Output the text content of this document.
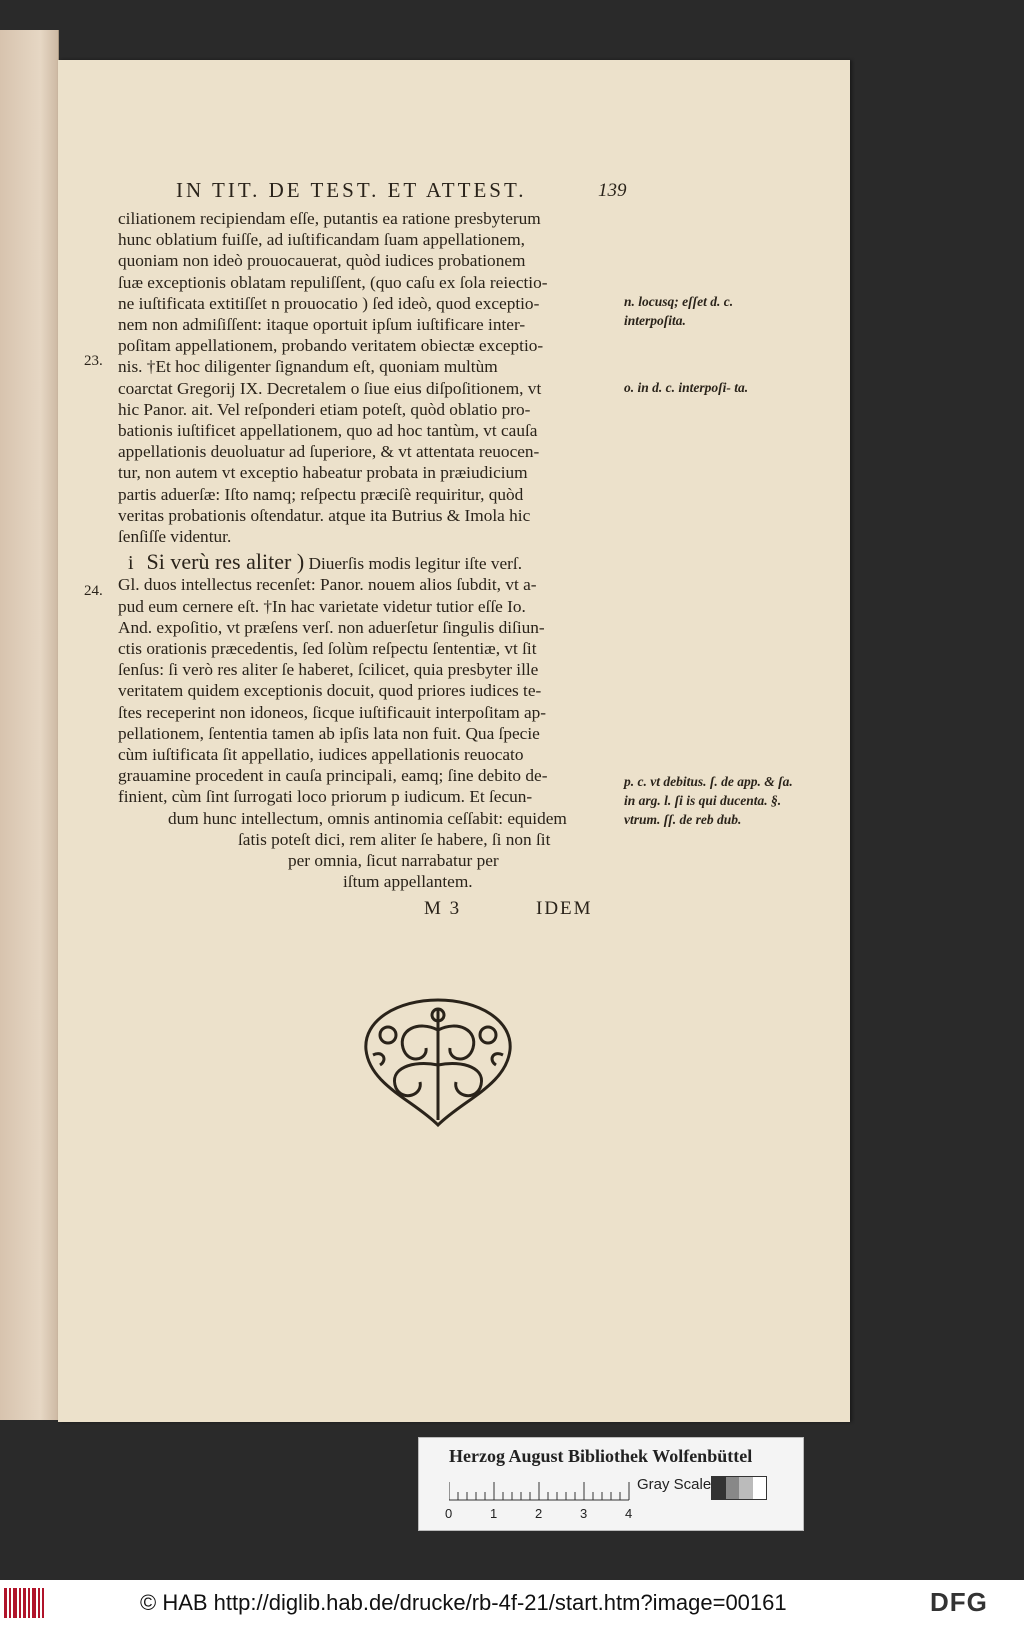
IN TIT. DE TEST. ET ATTEST.	139
ciliationem recipiendam eſſe, putantis ea ratione presbyterum
hunc oblatium fuiſſe, ad iuſtificandam ſuam appellationem,
quoniam non ideò prouocauerat, quòd iudices probationem
ſuæ exceptionis oblatam repuliſſent, (quo caſu ex ſola reiectio-
ne iuſtificata extitiſſet n prouocatio ) ſed ideò, quod exceptio-
nem non admiſiſſent: itaque oportuit ipſum iuſtificare inter-
poſitam appellationem, probando veritatem obiectæ exceptio-
nis. †Et hoc diligenter ſignandum eſt, quoniam multùm
coarctat Gregorij IX. Decretalem o ſiue eius diſpoſitionem, vt
hic Panor. ait. Vel reſponderi etiam poteſt, quòd oblatio pro-
bationis iuſtificet appellationem, quo ad hoc tantùm, vt cauſa
appellationis deuoluatur ad ſuperiore, & vt attentata reuocen-
tur, non autem vt exceptio habeatur probata in præiudicium
partis aduerſæ: Iſto namq; reſpectu præciſè requiritur, quòd
veritas probationis oſtendatur. atque ita Butrius & Imola hic
ſenſiſſe videntur.
i Si verù res aliter ) Diuerſis modis legitur iſte verſ.
Gl. duos intellectus recenſet: Panor. nouem alios ſubdit, vt a-
pud eum cernere eſt. †In hac varietate videtur tutior eſſe Io.
And. expoſitio, vt præſens verſ. non aduerſetur ſingulis diſiun-
ctis orationis præcedentis, ſed ſolùm reſpectu ſententiæ, vt ſit
ſenſus: ſi verò res aliter ſe haberet, ſcilicet, quia presbyter ille
veritatem quidem exceptionis docuit, quod priores iudices te-
ſtes receperint non idoneos, ſicque iuſtificauit interpoſitam ap-
pellationem, ſententia tamen ab ipſis lata non fuit. Qua ſpecie
cùm iuſtificata ſit appellatio, iudices appellationis reuocato
grauamine procedent in cauſa principali, eamq; ſine debito de-
finient, cùm ſint ſurrogati loco priorum p iudicum. Et ſecun-
dum hunc intellectum, omnis antinomia ceſſabit: equidem
ſatis poteſt dici, rem aliter ſe habere, ſi non ſit
per omnia, ſicut narrabatur per
iſtum appellantem.
23.
24.
n. locusq; eſſet d. c. interpoſita.
o. in d. c. interpoſi- ta.
p. c. vt debitus. ſ. de app. & ſa. in arg. l. ſi is qui ducenta. §. vtrum. ſſ. de reb dub.
M 3	IDEM
Herzog August Bibliothek Wolfenbüttel
0	1	2	3	4
Gray Scale
© HAB http://diglib.hab.de/drucke/rb-4f-21/start.htm?image=00161	DFG
